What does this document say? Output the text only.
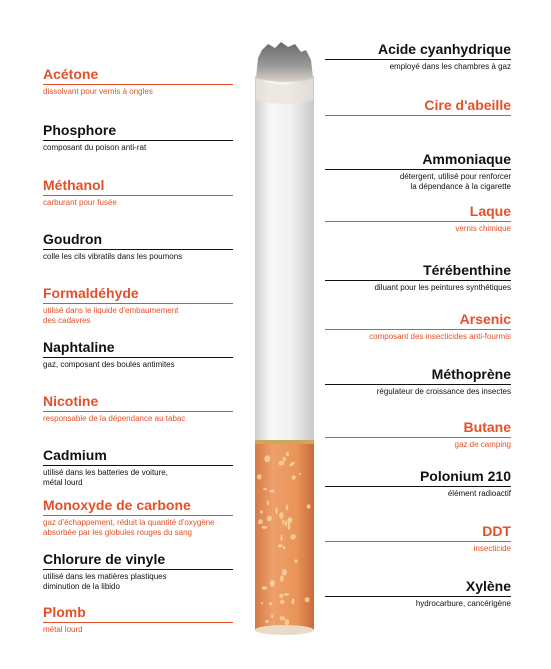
Acétone
dissolvant pour vernis à ongles
Phosphore
composant du poison anti-rat
Méthanol
carburant pour fusée
Goudron
colle les cils vibratils dans les poumons
Formaldéhyde
utilisé dans le liquide d'embaumement
des cadavres
Naphtaline
gaz, composant des boules antimites
Nicotine
responsable de la dépendance au tabac
Cadmium
utilisé dans les batteries de voiture,
métal lourd
Monoxyde de carbone
gaz d'échappement, réduit la quantité d'oxygène
absorbée par les globules rouges du sang
Chlorure de vinyle
utilisé dans les matières plastiques
diminution de la libido
Plomb
métal lourd
Acide cyanhydrique
employé dans les chambres à gaz
Cire d'abeille
Ammoniaque
détergent, utilisé pour renforcer
la dépendance à la cigarette
Laque
vernis chimique
Térébenthine
diluant pour les peintures synthétiques
Arsenic
composant des insecticides anti-fourmis
Méthoprène
régulateur de croissance des insectes
Butane
gaz de camping
Polonium 210
élément radioactif
DDT
insecticide
Xylène
hydrocarbure, cancérigène
